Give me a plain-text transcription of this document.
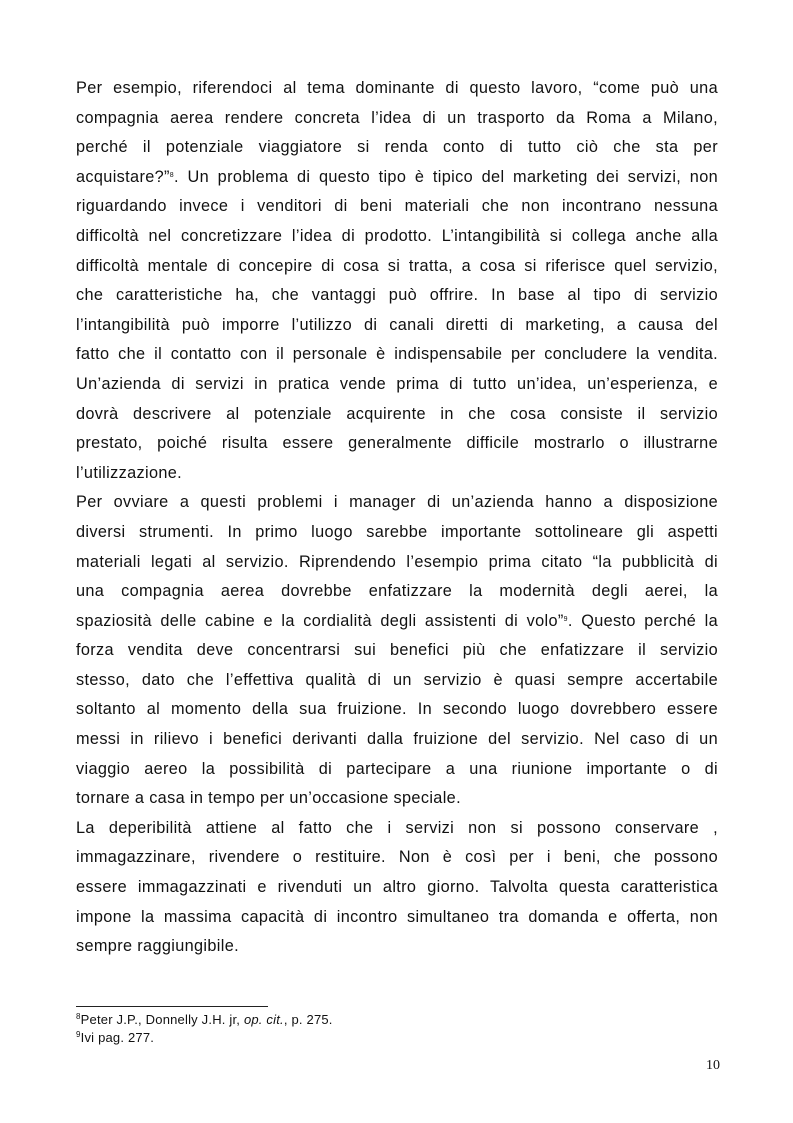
Per esempio, riferendoci al tema dominante di questo lavoro, “come può una
compagnia aerea rendere concreta l’idea di un trasporto da Roma a Milano,
perché il potenziale viaggiatore si renda conto di tutto ciò che sta per
acquistare?”$^8$. Un problema di questo tipo è tipico del marketing dei servizi, non
riguardando invece i venditori di beni materiali che non incontrano nessuna
difficoltà nel concretizzare l’idea di prodotto. L’intangibilità si collega anche alla
difficoltà mentale di concepire di cosa si tratta, a cosa si riferisce quel servizio,
che caratteristiche ha, che vantaggi può offrire. In base al tipo di servizio
l’intangibilità può imporre l’utilizzo di canali diretti di marketing, a causa del
fatto che il contatto con il personale è indispensabile per concludere la vendita.
Un’azienda di servizi in pratica vende prima di tutto un’idea, un’esperienza, e
dovrà descrivere al potenziale acquirente in che cosa consiste il servizio
prestato, poiché risulta essere generalmente difficile mostrarlo o illustrarne
l’utilizzazione.
Per ovviare a questi problemi i manager di un’azienda hanno a disposizione
diversi strumenti. In primo luogo sarebbe importante sottolineare gli aspetti
materiali legati al servizio. Riprendendo l’esempio prima citato “la pubblicità di
una compagnia aerea dovrebbe enfatizzare la modernità degli aerei, la
spaziosità delle cabine e la cordialità degli assistenti di volo”$^9$. Questo perché la
forza vendita deve concentrarsi sui benefici più che enfatizzare il servizio
stesso, dato che l’effettiva qualità di un servizio è quasi sempre accertabile
soltanto al momento della sua fruizione. In secondo luogo dovrebbero essere
messi in rilievo i benefici derivanti dalla fruizione del servizio. Nel caso di un
viaggio aereo la possibilità di partecipare a una riunione importante o di
tornare a casa in tempo per un’occasione speciale.
La deperibilità attiene al fatto che i servizi non si possono conservare ,
immagazzinare, rivendere o restituire. Non è così per i beni, che possono
essere immagazzinati e rivenduti un altro giorno. Talvolta questa caratteristica
impone la massima capacità di incontro simultaneo tra domanda e offerta, non
sempre raggiungibile.
$^8$Peter J.P., Donnelly J.H. jr, op. cit., p. 275.
$^9$Ivi pag. 277.
10
